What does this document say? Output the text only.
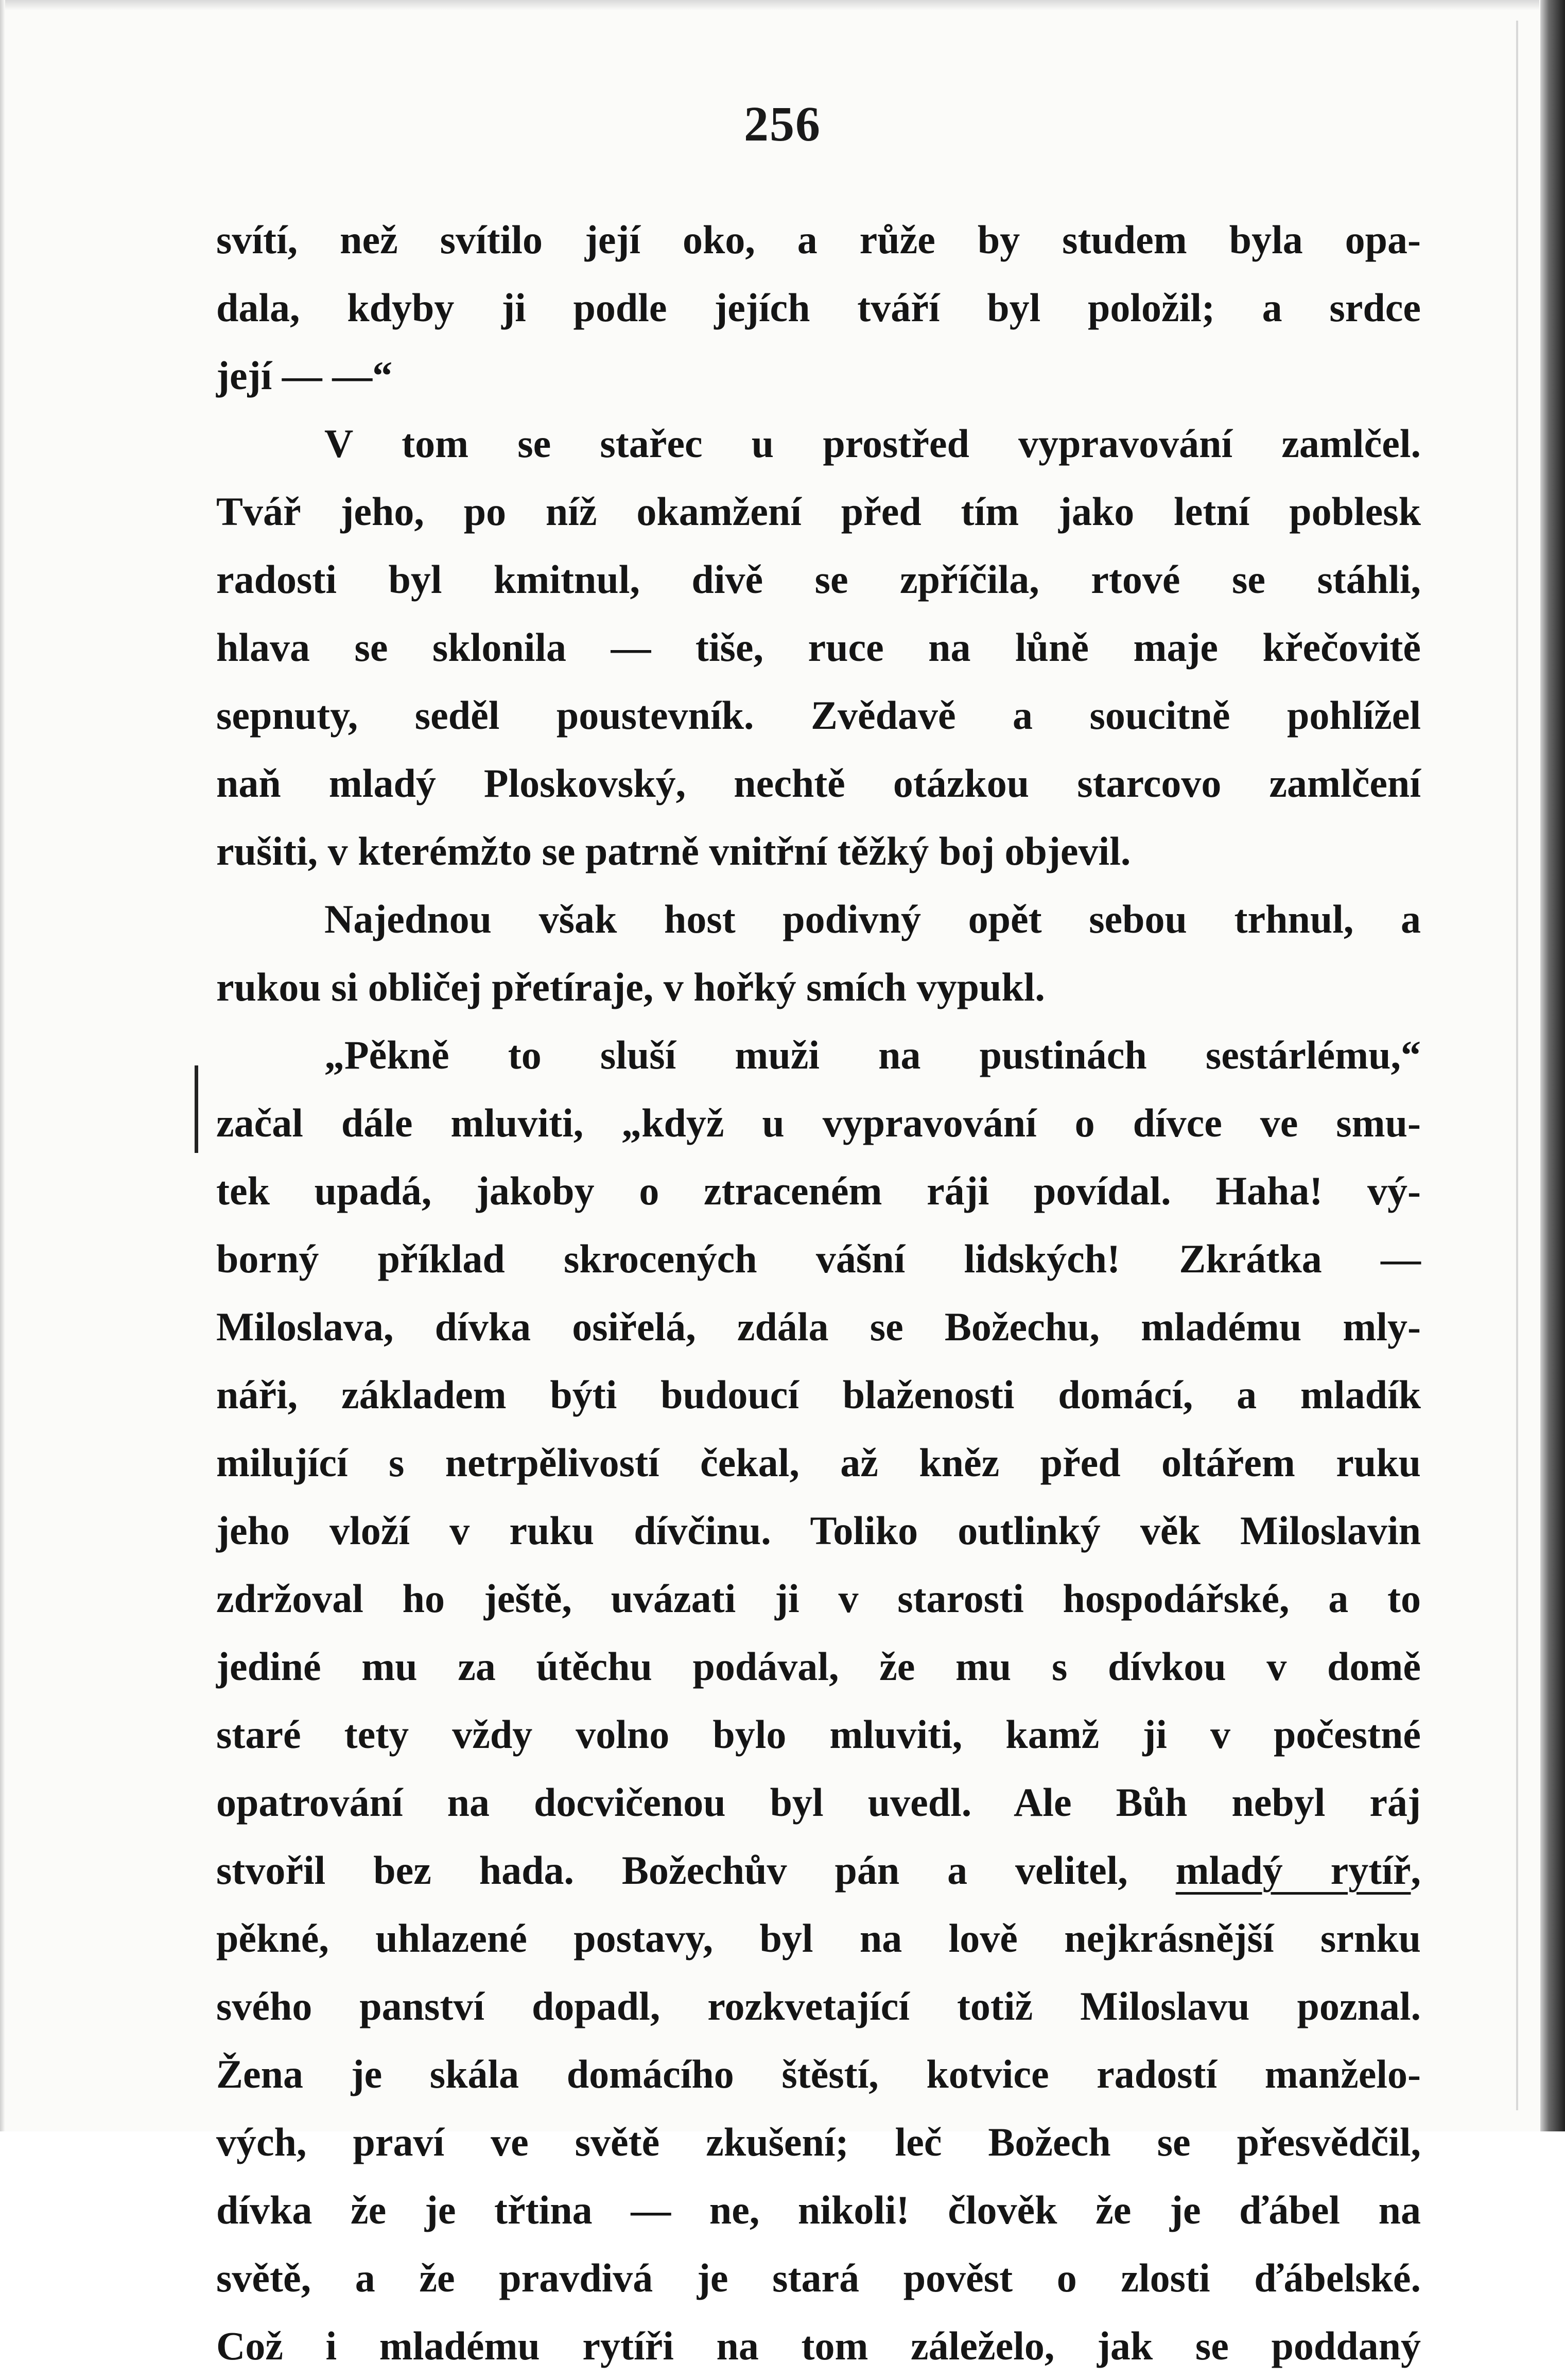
256
svítí, než svítilo její oko, a růže by studem byla opa-
dala, kdyby ji podle jejích tváří byl položil; a srdce
její — —“
V tom se stařec u prostřed vypravování zamlčel.
Tvář jeho, po níž okamžení před tím jako letní poblesk
radosti byl kmitnul, divě se zpříčila, rtové se stáhli,
hlava se sklonila — tiše, ruce na lůně maje křečovitě
sepnuty, seděl poustevník. Zvědavě a soucitně pohlížel
naň mladý Ploskovský, nechtě otázkou starcovo zamlčení
rušiti, v kterémžto se patrně vnitřní těžký boj objevil.
Najednou však host podivný opět sebou trhnul, a
rukou si obličej přetíraje, v hořký smích vypukl.
„Pěkně to sluší muži na pustinách sestárlému,“
začal dále mluviti, „když u vypravování o dívce ve smu-
tek upadá, jakoby o ztraceném ráji povídal. Haha! vý-
borný příklad skrocených vášní lidských! Zkrátka —
Miloslava, dívka osiřelá, zdála se Božechu, mladému mly-
náři, základem býti budoucí blaženosti domácí, a mladík
milující s netrpělivostí čekal, až kněz před oltářem ruku
jeho vloží v ruku dívčinu. Toliko outlinký věk Miloslavin
zdržoval ho ještě, uvázati ji v starosti hospodářské, a to
jediné mu za útěchu podával, že mu s dívkou v domě
staré tety vždy volno bylo mluviti, kamž ji v počestné
opatrování na docvičenou byl uvedl. Ale Bůh nebyl ráj
stvořil bez hada. Božechův pán a velitel, mladý rytíř,
pěkné, uhlazené postavy, byl na lově nejkrásnější srnku
svého panství dopadl, rozkvetající totiž Miloslavu poznal.
Žena je skála domácího štěstí, kotvice radostí manželo-
vých, praví ve světě zkušení; leč Božech se přesvědčil,
dívka že je třtina — ne, nikoli! člověk že je ďábel na
světě, a že pravdivá je stará pověst o zlosti ďábelské.
Což i mladému rytíři na tom záleželo, jak se poddaný
